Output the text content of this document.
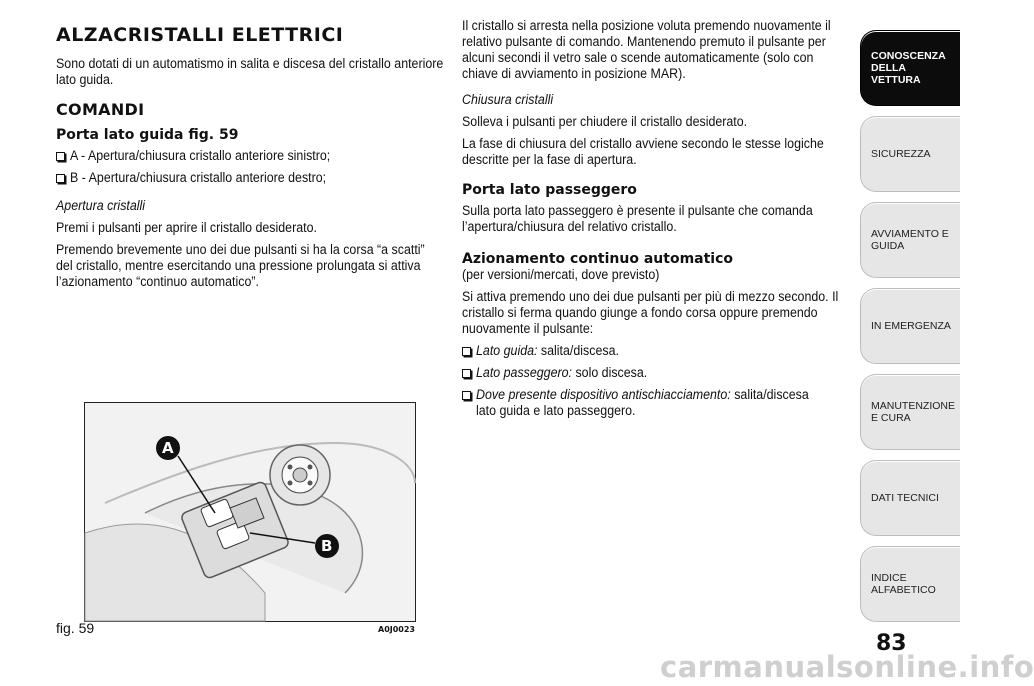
ALZACRISTALLI ELETTRICI
Sono dotati di un automatismo in salita e discesa del cristallo anteriore lato guida.
COMANDI
Porta lato guida fig. 59
A - Apertura/chiusura cristallo anteriore sinistro;
B - Apertura/chiusura cristallo anteriore destro;
Apertura cristalli
Premi i pulsanti per aprire il cristallo desiderato.
Premendo brevemente uno dei due pulsanti si ha la corsa “a scatti” del cristallo, mentre esercitando una pressione prolungata si attiva l’azionamento “continuo automatico”.
A
B
fig. 59	A0J0023
Il cristallo si arresta nella posizione voluta premendo nuovamente il relativo pulsante di comando. Mantenendo premuto il pulsante per alcuni secondi il vetro sale o scende automaticamente (solo con chiave di avviamento in posizione MAR).
Chiusura cristalli
Solleva i pulsanti per chiudere il cristallo desiderato.
La fase di chiusura del cristallo avviene secondo le stesse logiche descritte per la fase di apertura.
Porta lato passeggero
Sulla porta lato passeggero è presente il pulsante che comanda l’apertura/chiusura del relativo cristallo.
Azionamento continuo automatico
(per versioni/mercati, dove previsto)
Si attiva premendo uno dei due pulsanti per più di mezzo secondo. Il cristallo si ferma quando giunge a fondo corsa oppure premendo nuovamente il pulsante:
Lato guida: salita/discesa.
Lato passeggero: solo discesa.
Dove presente dispositivo antischiacciamento: salita/discesa lato guida e lato passeggero.
CONOSCENZA DELLA VETTURA
SICUREZZA
AVVIAMENTO E GUIDA
IN EMERGENZA
MANUTENZIONE E CURA
DATI TECNICI
INDICE ALFABETICO
83
carmanualsonline.info
